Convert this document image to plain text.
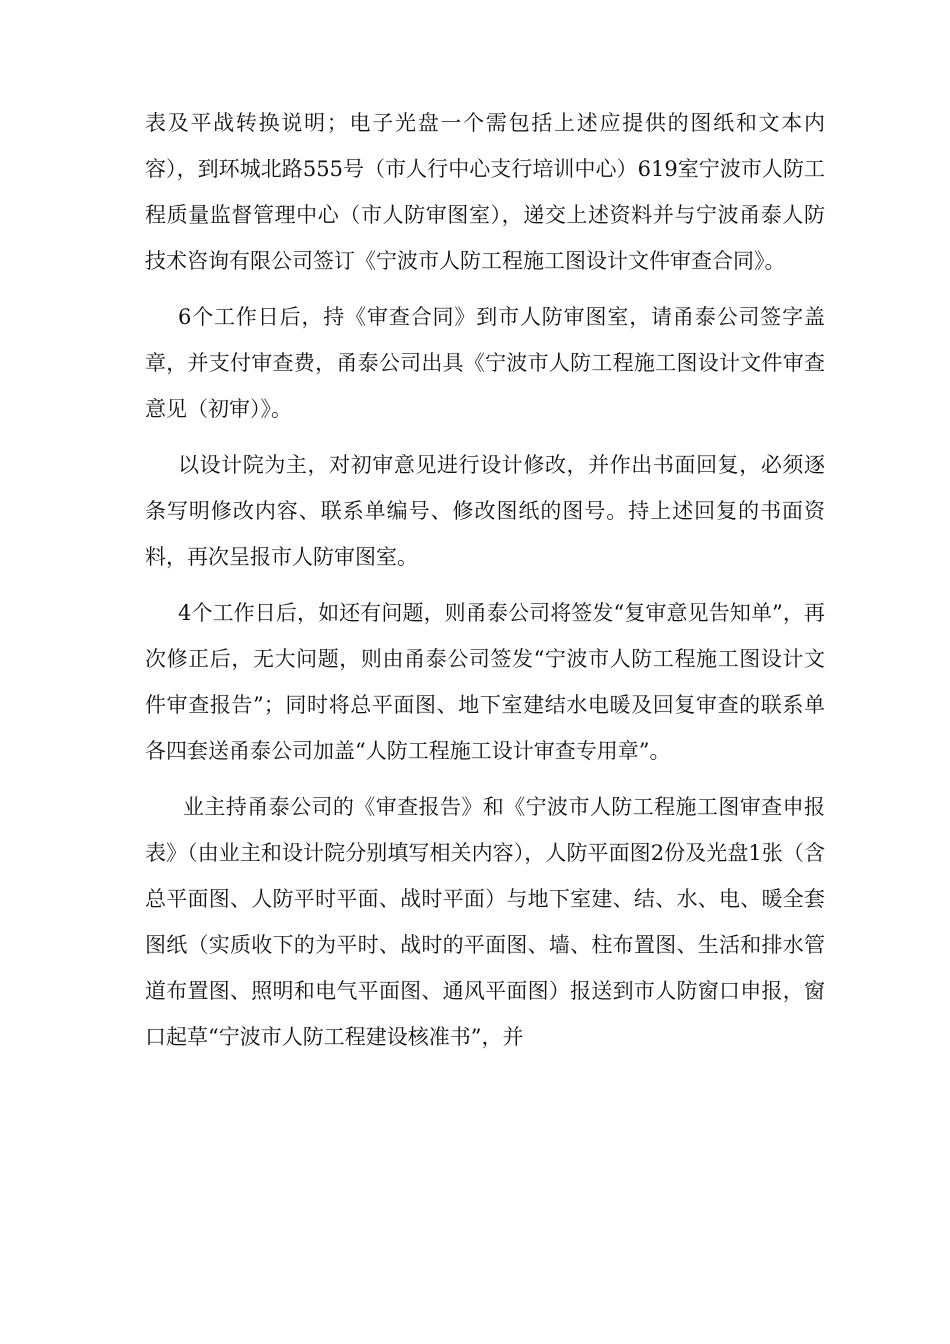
表及平战转换说明；电子光盘一个需包括上述应提供的图纸和文本内容），到环城北路555号（市人行中心支行培训中心）619室宁波市人防工程质量监督管理中心（市人防审图室），递交上述资料并与宁波甬泰人防技术咨询有限公司签订《宁波市人防工程施工图设计文件审查合同》。

6个工作日后，持《审查合同》到市人防审图室，请甬泰公司签字盖章，并支付审查费，甬泰公司出具《宁波市人防工程施工图设计文件审查意见（初审）》。

以设计院为主，对初审意见进行设计修改，并作出书面回复，必须逐条写明修改内容、联系单编号、修改图纸的图号。持上述回复的书面资料，再次呈报市人防审图室。

4个工作日后，如还有问题，则甬泰公司将签发“复审意见告知单”，再次修正后，无大问题，则由甬泰公司签发“宁波市人防工程施工图设计文件审查报告”；同时将总平面图、地下室建结水电暖及回复审查的联系单各四套送甬泰公司加盖“人防工程施工设计审查专用章”。

业主持甬泰公司的《审查报告》和《宁波市人防工程施工图审查申报表》（由业主和设计院分别填写相关内容），人防平面图2份及光盘1张（含总平面图、人防平时平面、战时平面）与地下室建、结、水、电、暖全套图纸（实质收下的为平时、战时的平面图、墙、柱布置图、生活和排水管道布置图、照明和电气平面图、通风平面图）报送到市人防窗口申报，窗口起草“宁波市人防工程建设核准书”，并
